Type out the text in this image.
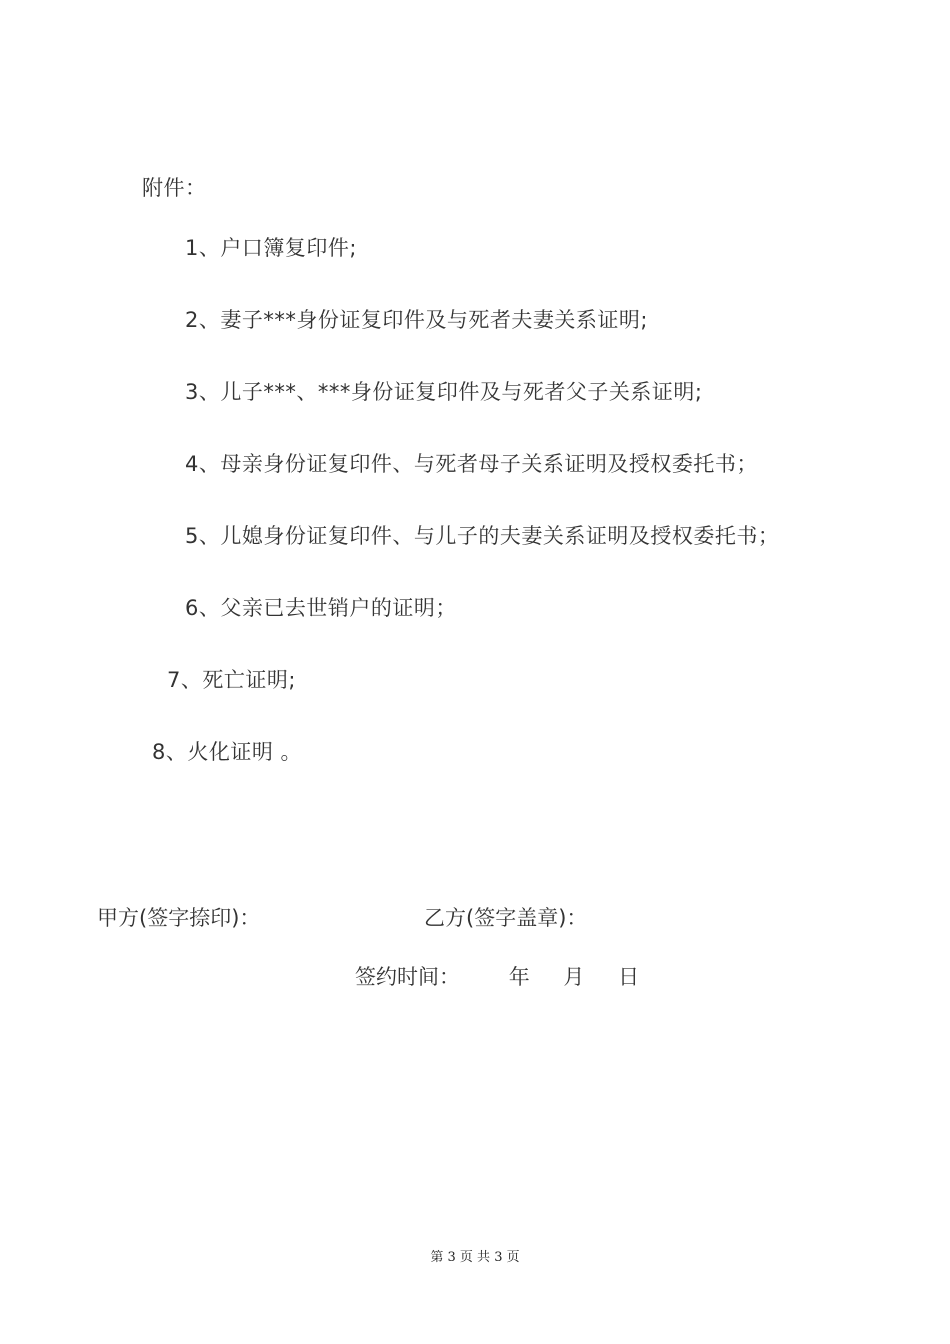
附件：
1、户口簿复印件;
2、妻子***身份证复印件及与死者夫妻关系证明;
3、儿子***、***身份证复印件及与死者父子关系证明;
4、母亲身份证复印件、与死者母子关系证明及授权委托书；
5、儿媳身份证复印件、与儿子的夫妻关系证明及授权委托书；
6、父亲已去世销户的证明；
7、死亡证明;
8、火化证明 。
甲方(签字捺印)：	乙方(签字盖章)：
签约时间： 年 月 日
第 3 页 共 3 页
